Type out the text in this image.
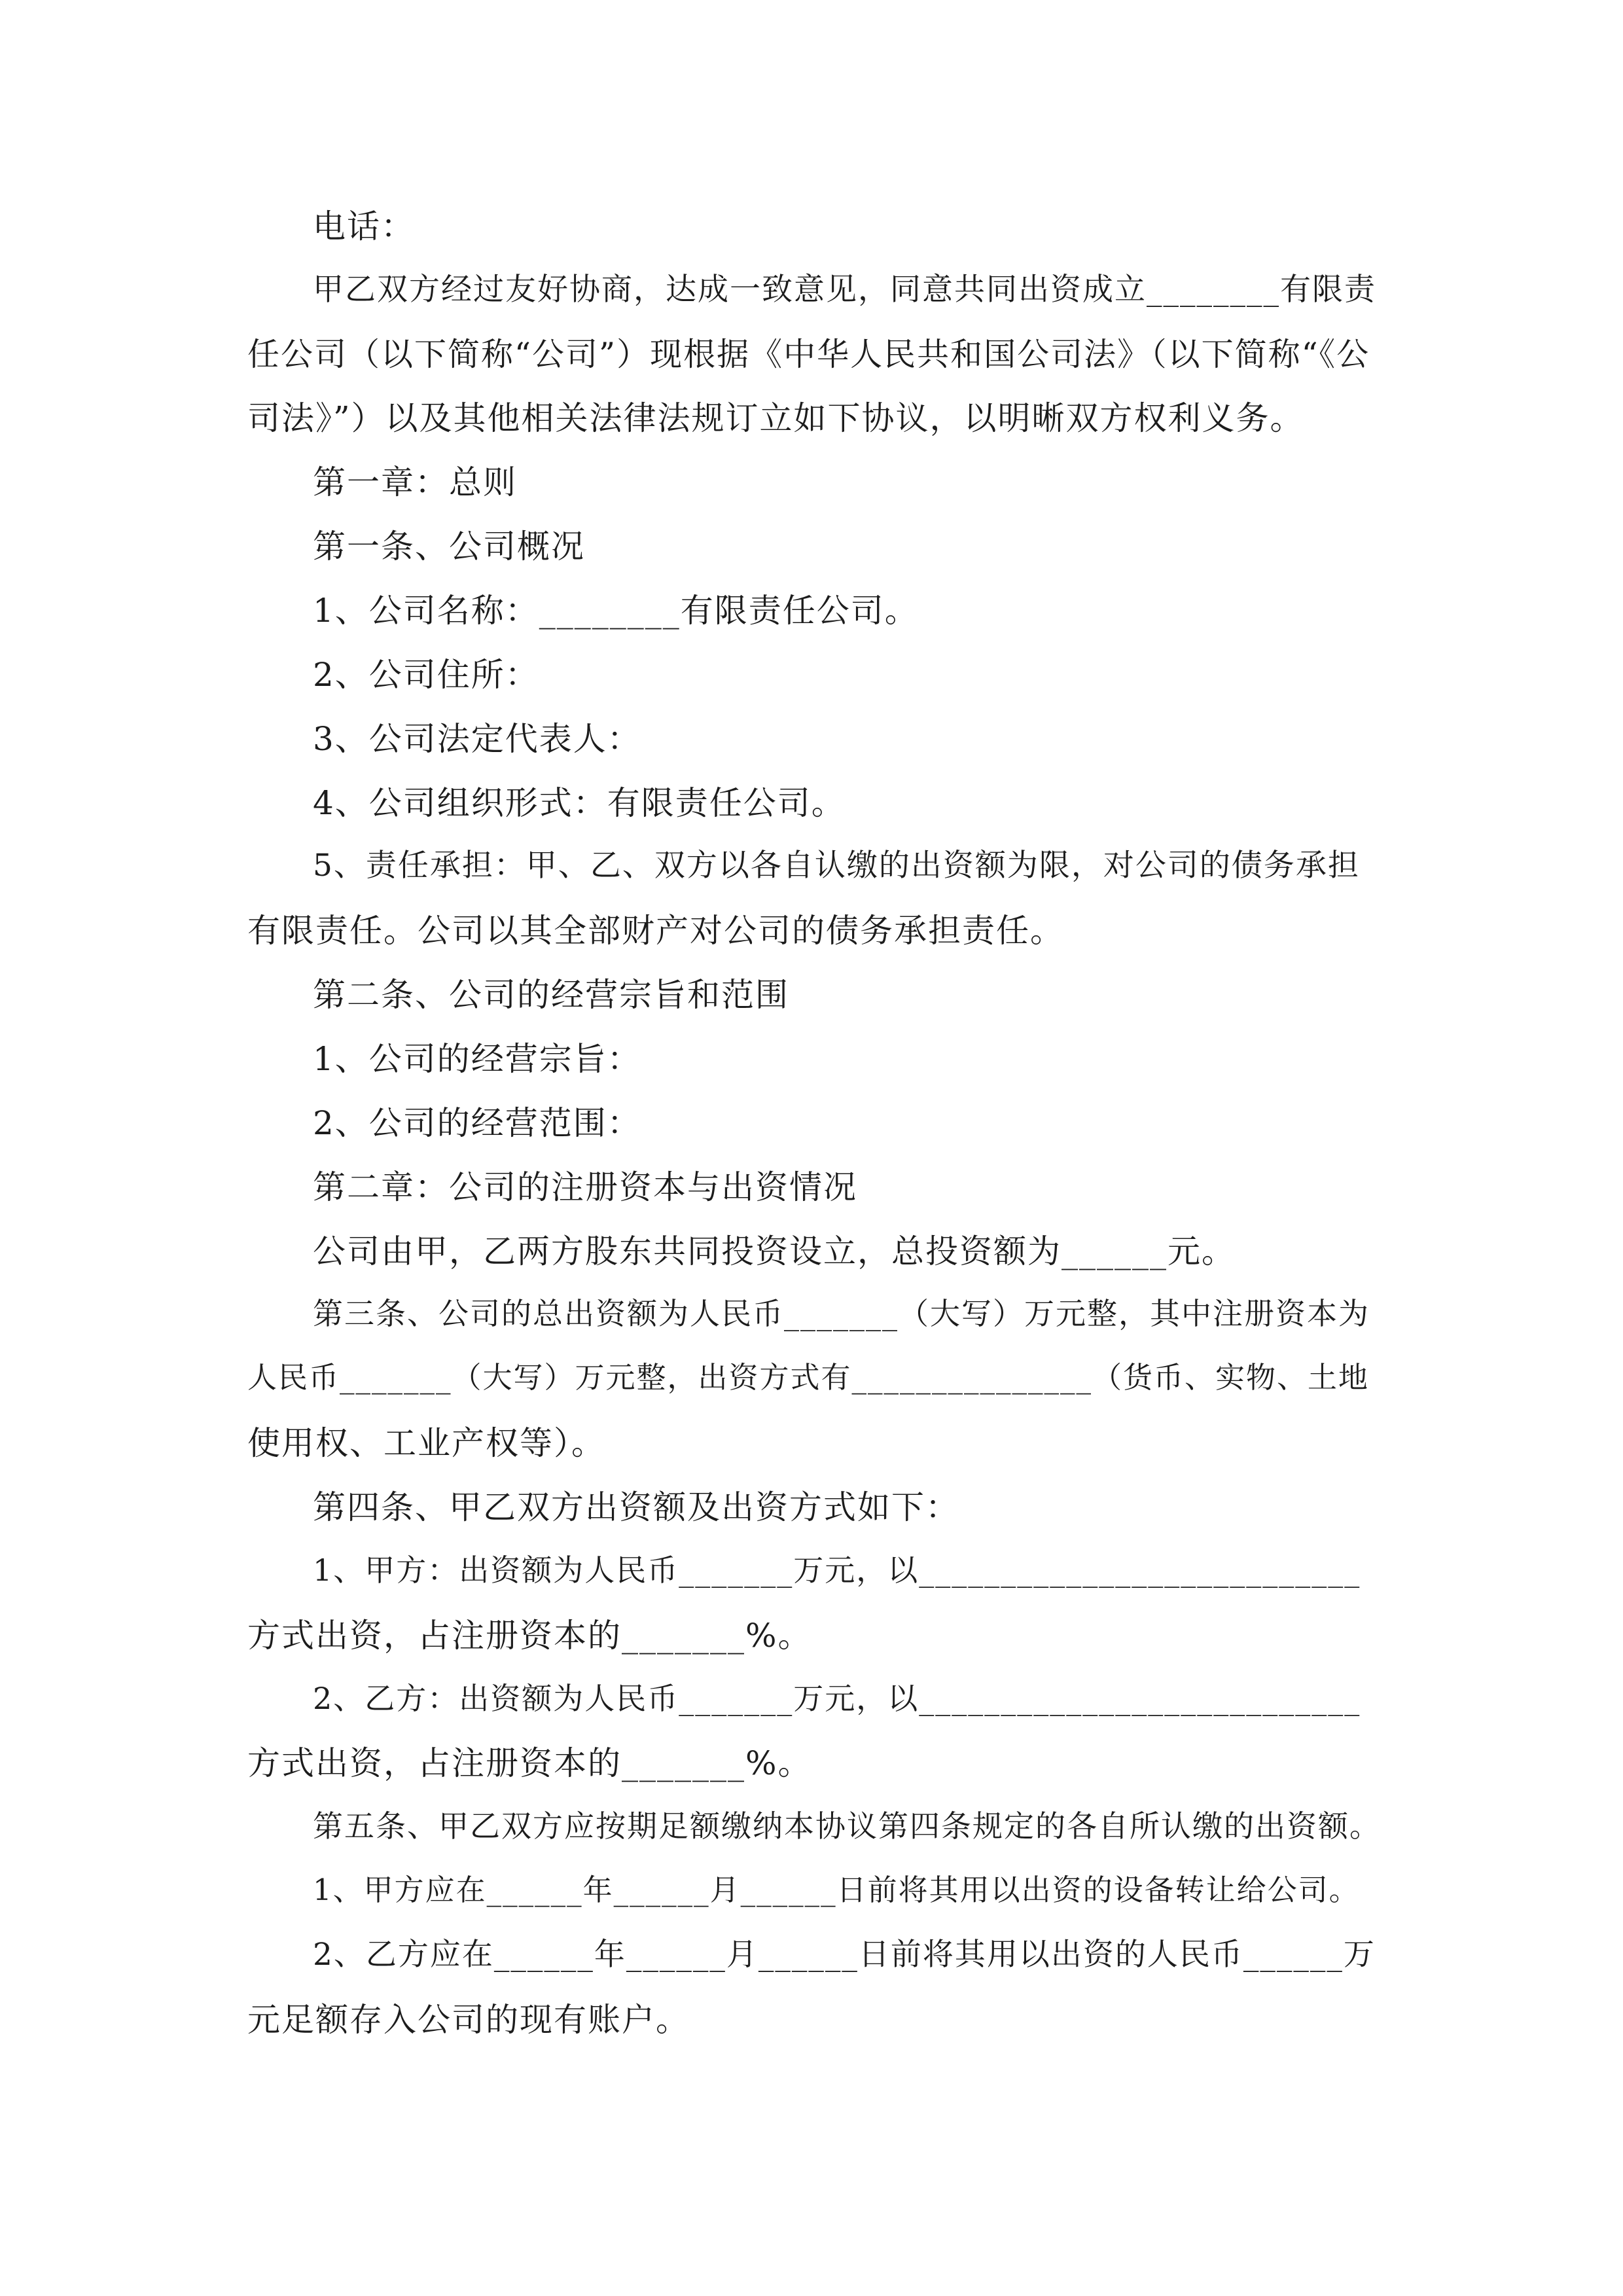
电话：
甲乙双方经过友好协商，达成一致意见，同意共同出资成立________有限责
任公司（以下简称“公司”）现根据《中华人民共和国公司法》（以下简称“《公
司法》”）以及其他相关法律法规订立如下协议，以明晰双方权利义务。
第一章：总则
第一条、公司概况
1、公司名称：________有限责任公司。
2、公司住所：
3、公司法定代表人：
4、公司组织形式：有限责任公司。
5、责任承担：甲、乙、双方以各自认缴的出资额为限，对公司的债务承担
有限责任。公司以其全部财产对公司的债务承担责任。
第二条、公司的经营宗旨和范围
1、公司的经营宗旨：
2、公司的经营范围：
第二章：公司的注册资本与出资情况
公司由甲，乙两方股东共同投资设立，总投资额为______元。
第三条、公司的总出资额为人民币_______（大写）万元整，其中注册资本为
人民币_______（大写）万元整，出资方式有_______________（货币、实物、土地
使用权、工业产权等）。
第四条、甲乙双方出资额及出资方式如下：
1、甲方：出资额为人民币_______万元，以___________________________
方式出资，占注册资本的_______%。
2、乙方：出资额为人民币_______万元，以___________________________
方式出资，占注册资本的_______%。
第五条、甲乙双方应按期足额缴纳本协议第四条规定的各自所认缴的出资额。
1、甲方应在______年______月______日前将其用以出资的设备转让给公司。
2、乙方应在______年______月______日前将其用以出资的人民币______万
元足额存入公司的现有账户。
